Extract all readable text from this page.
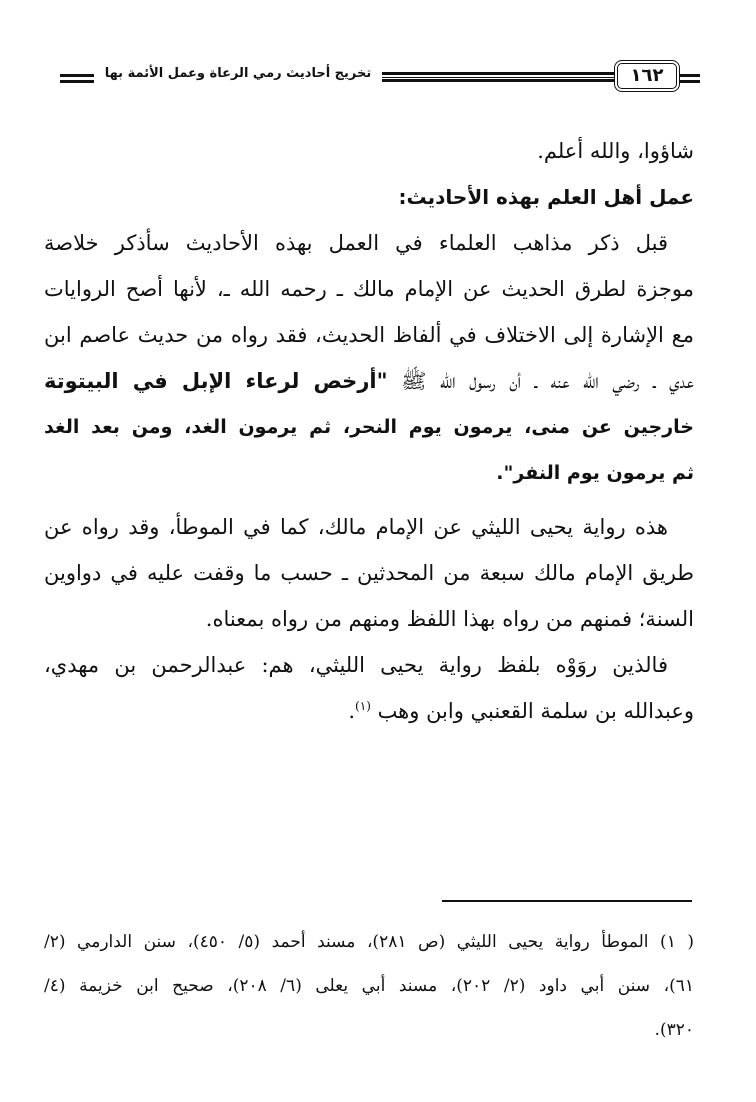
تخريج أحاديث رمي الرعاة وعمل الأئمة بها	١٦٢
شاؤوا، والله أعلم.
عمل أهل العلم بهذه الأحاديث:
قبل ذكر مذاهب العلماء في العمل بهذه الأحاديث سأذكر خلاصة
موجزة لطرق الحديث عن الإمام مالك ـ رحمه الله ـ، لأنها أصح الروايات
مع الإشارة إلى الاختلاف في ألفاظ الحديث، فقد رواه من حديث عاصم ابن
عدي ـ رضي الله عنه ـ أن رسول الله ﷺ "أرخص لرعاء الإبل في البيتوتة
خارجين عن منى، يرمون يوم النحر، ثم يرمون الغد، ومن بعد الغد
ثم يرمون يوم النفر".
هذه رواية يحيى الليثي عن الإمام مالك، كما في الموطأ، وقد رواه عن
طريق الإمام مالك سبعة من المحدثين ـ حسب ما وقفت عليه في دواوين
السنة؛ فمنهم من رواه بهذا اللفظ ومنهم من رواه بمعناه.
فالذين روَوْه بلفظ رواية يحيى الليثي، هم: عبدالرحمن بن مهدي،
وعبدالله بن سلمة القعنبي وابن وهب $^{(١)}$.
( ١) الموطأ رواية يحيى الليثي (ص ٢٨١)، مسند أحمد (٥/ ٤٥٠)، سنن الدارمي (٢/
٦١)، سنن أبي داود (٢/ ٢٠٢)، مسند أبي يعلى (٦/ ٢٠٨)، صحيح ابن خزيمة (٤/
٣٢٠).
